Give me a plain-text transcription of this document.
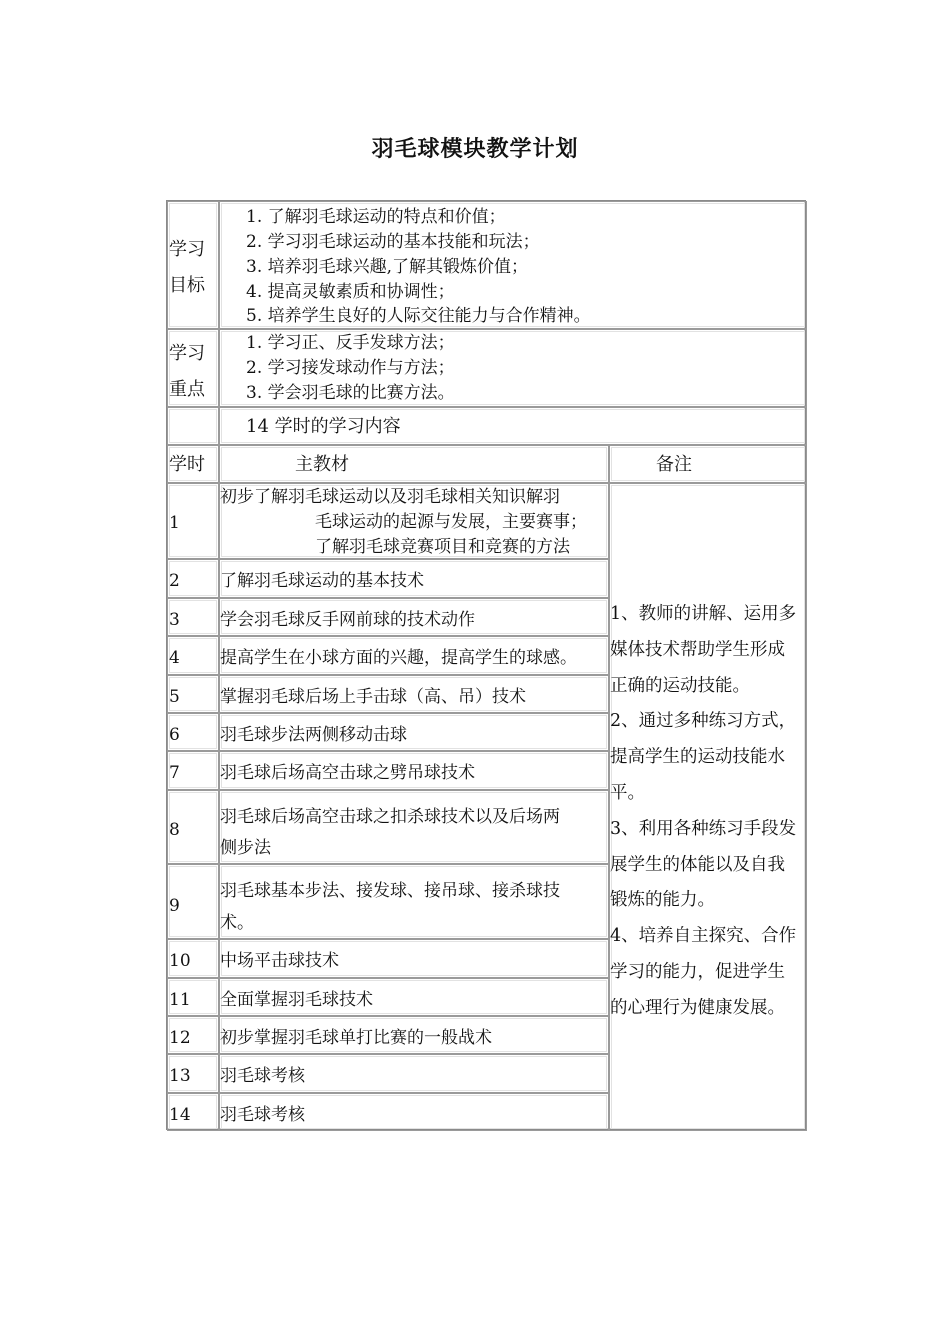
羽毛球模块教学计划
学习
目标
1. 了解羽毛球运动的特点和价值；
2. 学习羽毛球运动的基本技能和玩法；
3. 培养羽毛球兴趣,了解其锻炼价值；
4. 提高灵敏素质和协调性；
5. 培养学生良好的人际交往能力与合作精神。
学习
重点
1. 学习正、反手发球方法；
2. 学习接发球动作与方法；
3. 学会羽毛球的比赛方法。
14 学时的学习内容
学时	主教材	备注
1、教师的讲解、运用多
媒体技术帮助学生形成
正确的运动技能。
2、通过多种练习方式，
提高学生的运动技能水
平。
3、利用各种练习手段发
展学生的体能以及自我
锻炼的能力。
4、培养自主探究、合作
学习的能力，促进学生
的心理行为健康发展。
1
初步了解羽毛球运动以及羽毛球相关知识解羽
毛球运动的起源与发展，主要赛事；
了解羽毛球竞赛项目和竞赛的方法
2 了解羽毛球运动的基本技术
3 学会羽毛球反手网前球的技术动作
4 提高学生在小球方面的兴趣，提高学生的球感。
5 掌握羽毛球后场上手击球（高、吊）技术
6 羽毛球步法两侧移动击球
7 羽毛球后场高空击球之劈吊球技术
8
羽毛球后场高空击球之扣杀球技术以及后场两
侧步法
9
羽毛球基本步法、接发球、接吊球、接杀球技
术。
10 中场平击球技术
11 全面掌握羽毛球技术
12 初步掌握羽毛球单打比赛的一般战术
13 羽毛球考核
14 羽毛球考核
